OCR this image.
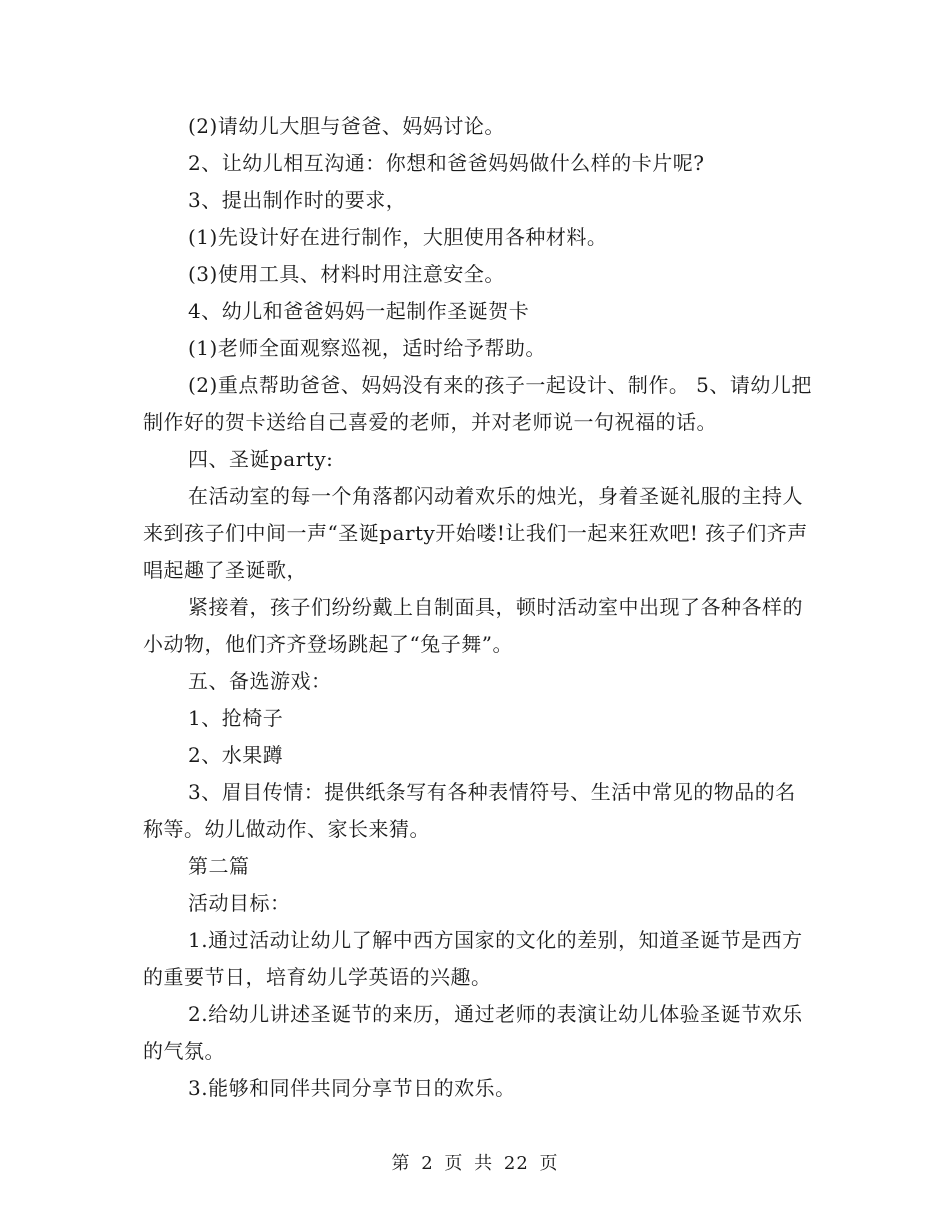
(2)请幼儿大胆与爸爸、妈妈讨论。

2、让幼儿相互沟通：你想和爸爸妈妈做什么样的卡片呢?

3、提出制作时的要求，

(1)先设计好在进行制作，大胆使用各种材料。

(3)使用工具、材料时用注意安全。

4、幼儿和爸爸妈妈一起制作圣诞贺卡

(1)老师全面观察巡视，适时给予帮助。

(2)重点帮助爸爸、妈妈没有来的孩子一起设计、制作。 5、请幼儿把制作好的贺卡送给自己喜爱的老师，并对老师说一句祝福的话。

四、圣诞party:

在活动室的每一个角落都闪动着欢乐的烛光，身着圣诞礼服的主持人来到孩子们中间一声“圣诞party开始喽!让我们一起来狂欢吧! 孩子们齐声唱起趣了圣诞歌，

紧接着，孩子们纷纷戴上自制面具，顿时活动室中出现了各种各样的小动物，他们齐齐登场跳起了“兔子舞”。

五、备选游戏：

1、抢椅子

2、水果蹲

3、眉目传情：提供纸条写有各种表情符号、生活中常见的物品的名称等。幼儿做动作、家长来猜。

第二篇

活动目标：

1.通过活动让幼儿了解中西方国家的文化的差别，知道圣诞节是西方的重要节日，培育幼儿学英语的兴趣。

2.给幼儿讲述圣诞节的来历，通过老师的表演让幼儿体验圣诞节欢乐的气氛。

3.能够和同伴共同分享节日的欢乐。

第 2 页 共 22 页
